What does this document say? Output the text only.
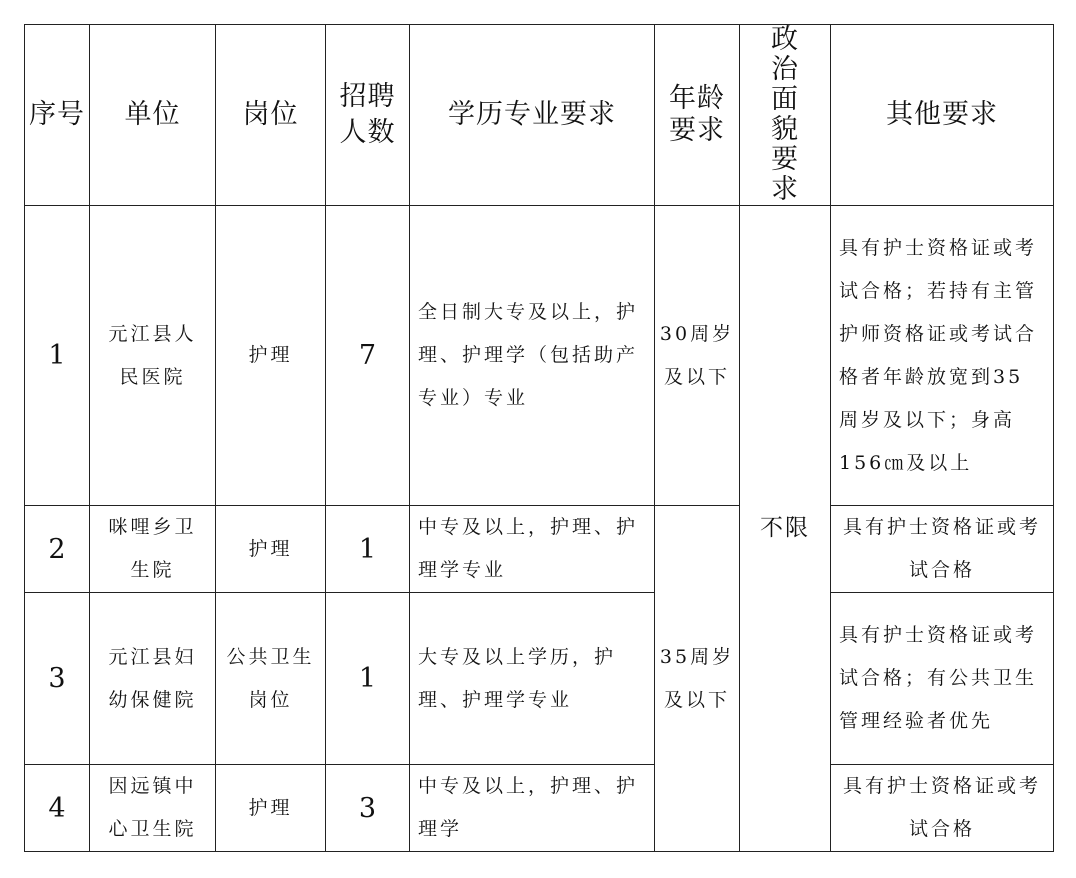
序号	单位	岗位	招聘人数	学历专业要求	年龄要求	政治面貌要求	其他要求
1	元江县人民医院	护理	7	全日制大专及以上，护理、护理学（包括助产专业）专业	30周岁及以下	不限	具有护士资格证或考试合格；若持有主管护师资格证或考试合格者年龄放宽到35周岁及以下；身高156㎝及以上
2	咪哩乡卫生院	护理	1	中专及以上，护理、护理学专业	35周岁及以下		具有护士资格证或考试合格
3	元江县妇幼保健院	公共卫生岗位	1	大专及以上学历，护理、护理学专业			具有护士资格证或考试合格；有公共卫生管理经验者优先
4	因远镇中心卫生院	护理	3	中专及以上，护理、护理学			具有护士资格证或考试合格
